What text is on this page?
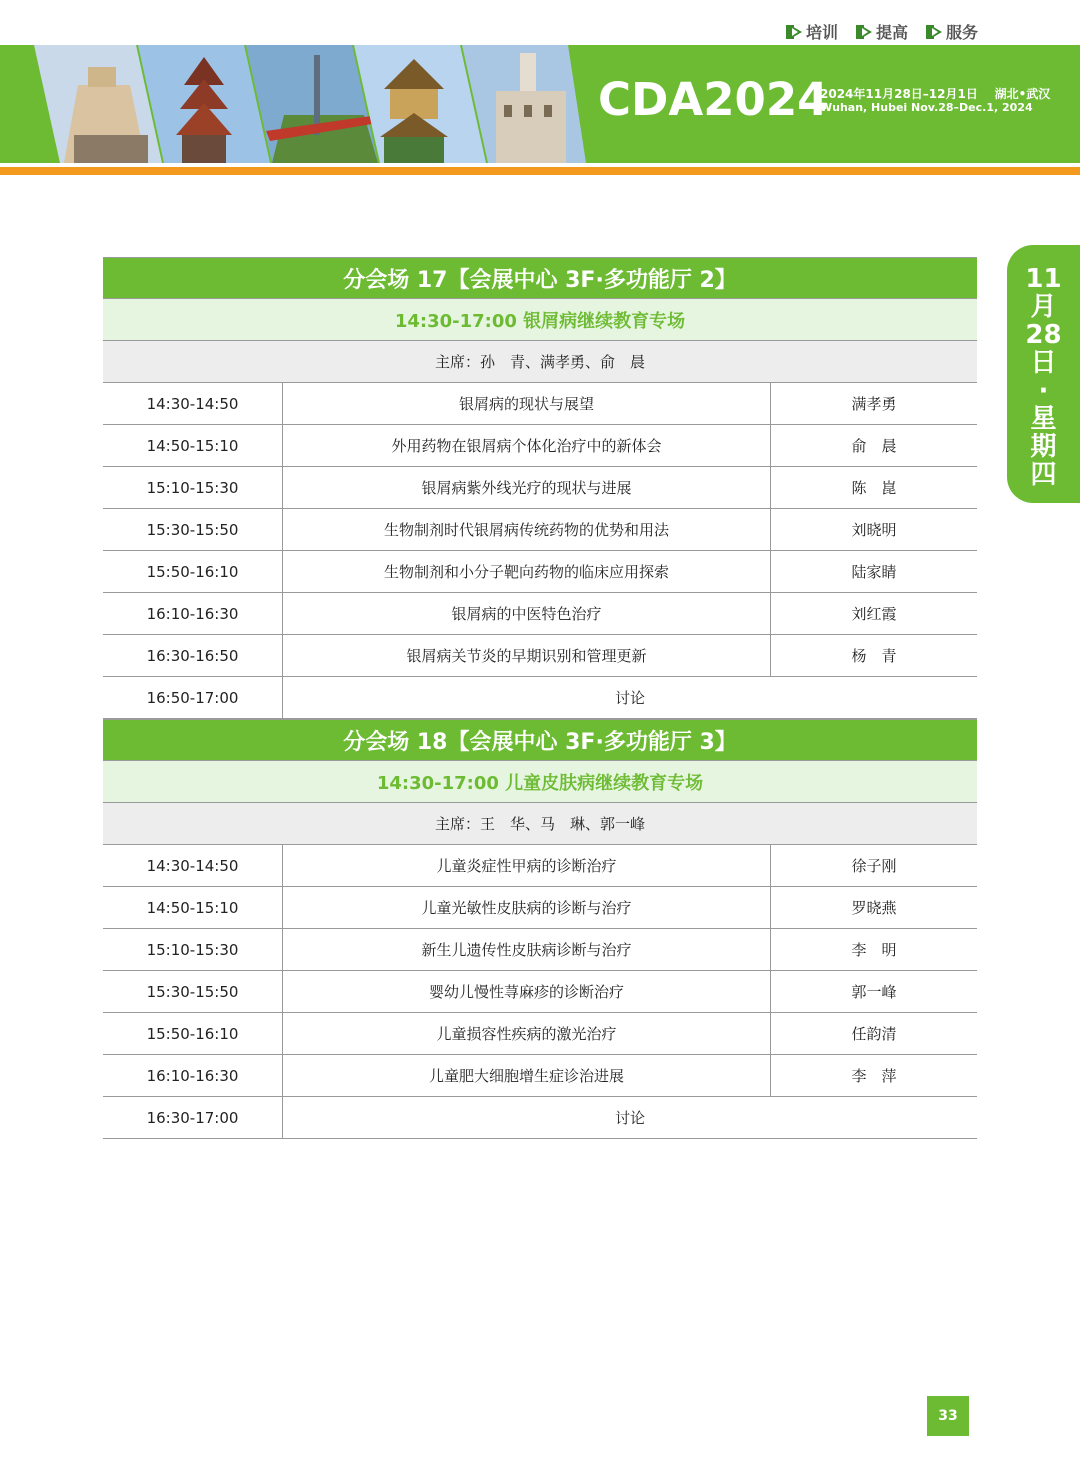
培训 提高 服务
CDA2024
2024年11月28日–12月1日 湖北•武汉
Wuhan, Hubei Nov.28–Dec.1, 2024
11
月
28
日
·
星
期
四
分会场 17【会展中心 3F·多功能厅 2】
14:30-17:00 银屑病继续教育专场
主席：孙　青、满孝勇、俞　晨
14:30-14:50	银屑病的现状与展望	满孝勇
14:50-15:10	外用药物在银屑病个体化治疗中的新体会	俞　晨
15:10-15:30	银屑病紫外线光疗的现状与进展	陈　崑
15:30-15:50	生物制剂时代银屑病传统药物的优势和用法	刘晓明
15:50-16:10	生物制剂和小分子靶向药物的临床应用探索	陆家睛
16:10-16:30	银屑病的中医特色治疗	刘红霞
16:30-16:50	银屑病关节炎的早期识别和管理更新	杨　青
16:50-17:00	讨论
分会场 18【会展中心 3F·多功能厅 3】
14:30-17:00 儿童皮肤病继续教育专场
主席：王　华、马　琳、郭一峰
14:30-14:50	儿童炎症性甲病的诊断治疗	徐子刚
14:50-15:10	儿童光敏性皮肤病的诊断与治疗	罗晓燕
15:10-15:30	新生儿遗传性皮肤病诊断与治疗	李　明
15:30-15:50	婴幼儿慢性荨麻疹的诊断治疗	郭一峰
15:50-16:10	儿童损容性疾病的激光治疗	任韵清
16:10-16:30	儿童肥大细胞增生症诊治进展	李　萍
16:30-17:00	讨论
33
